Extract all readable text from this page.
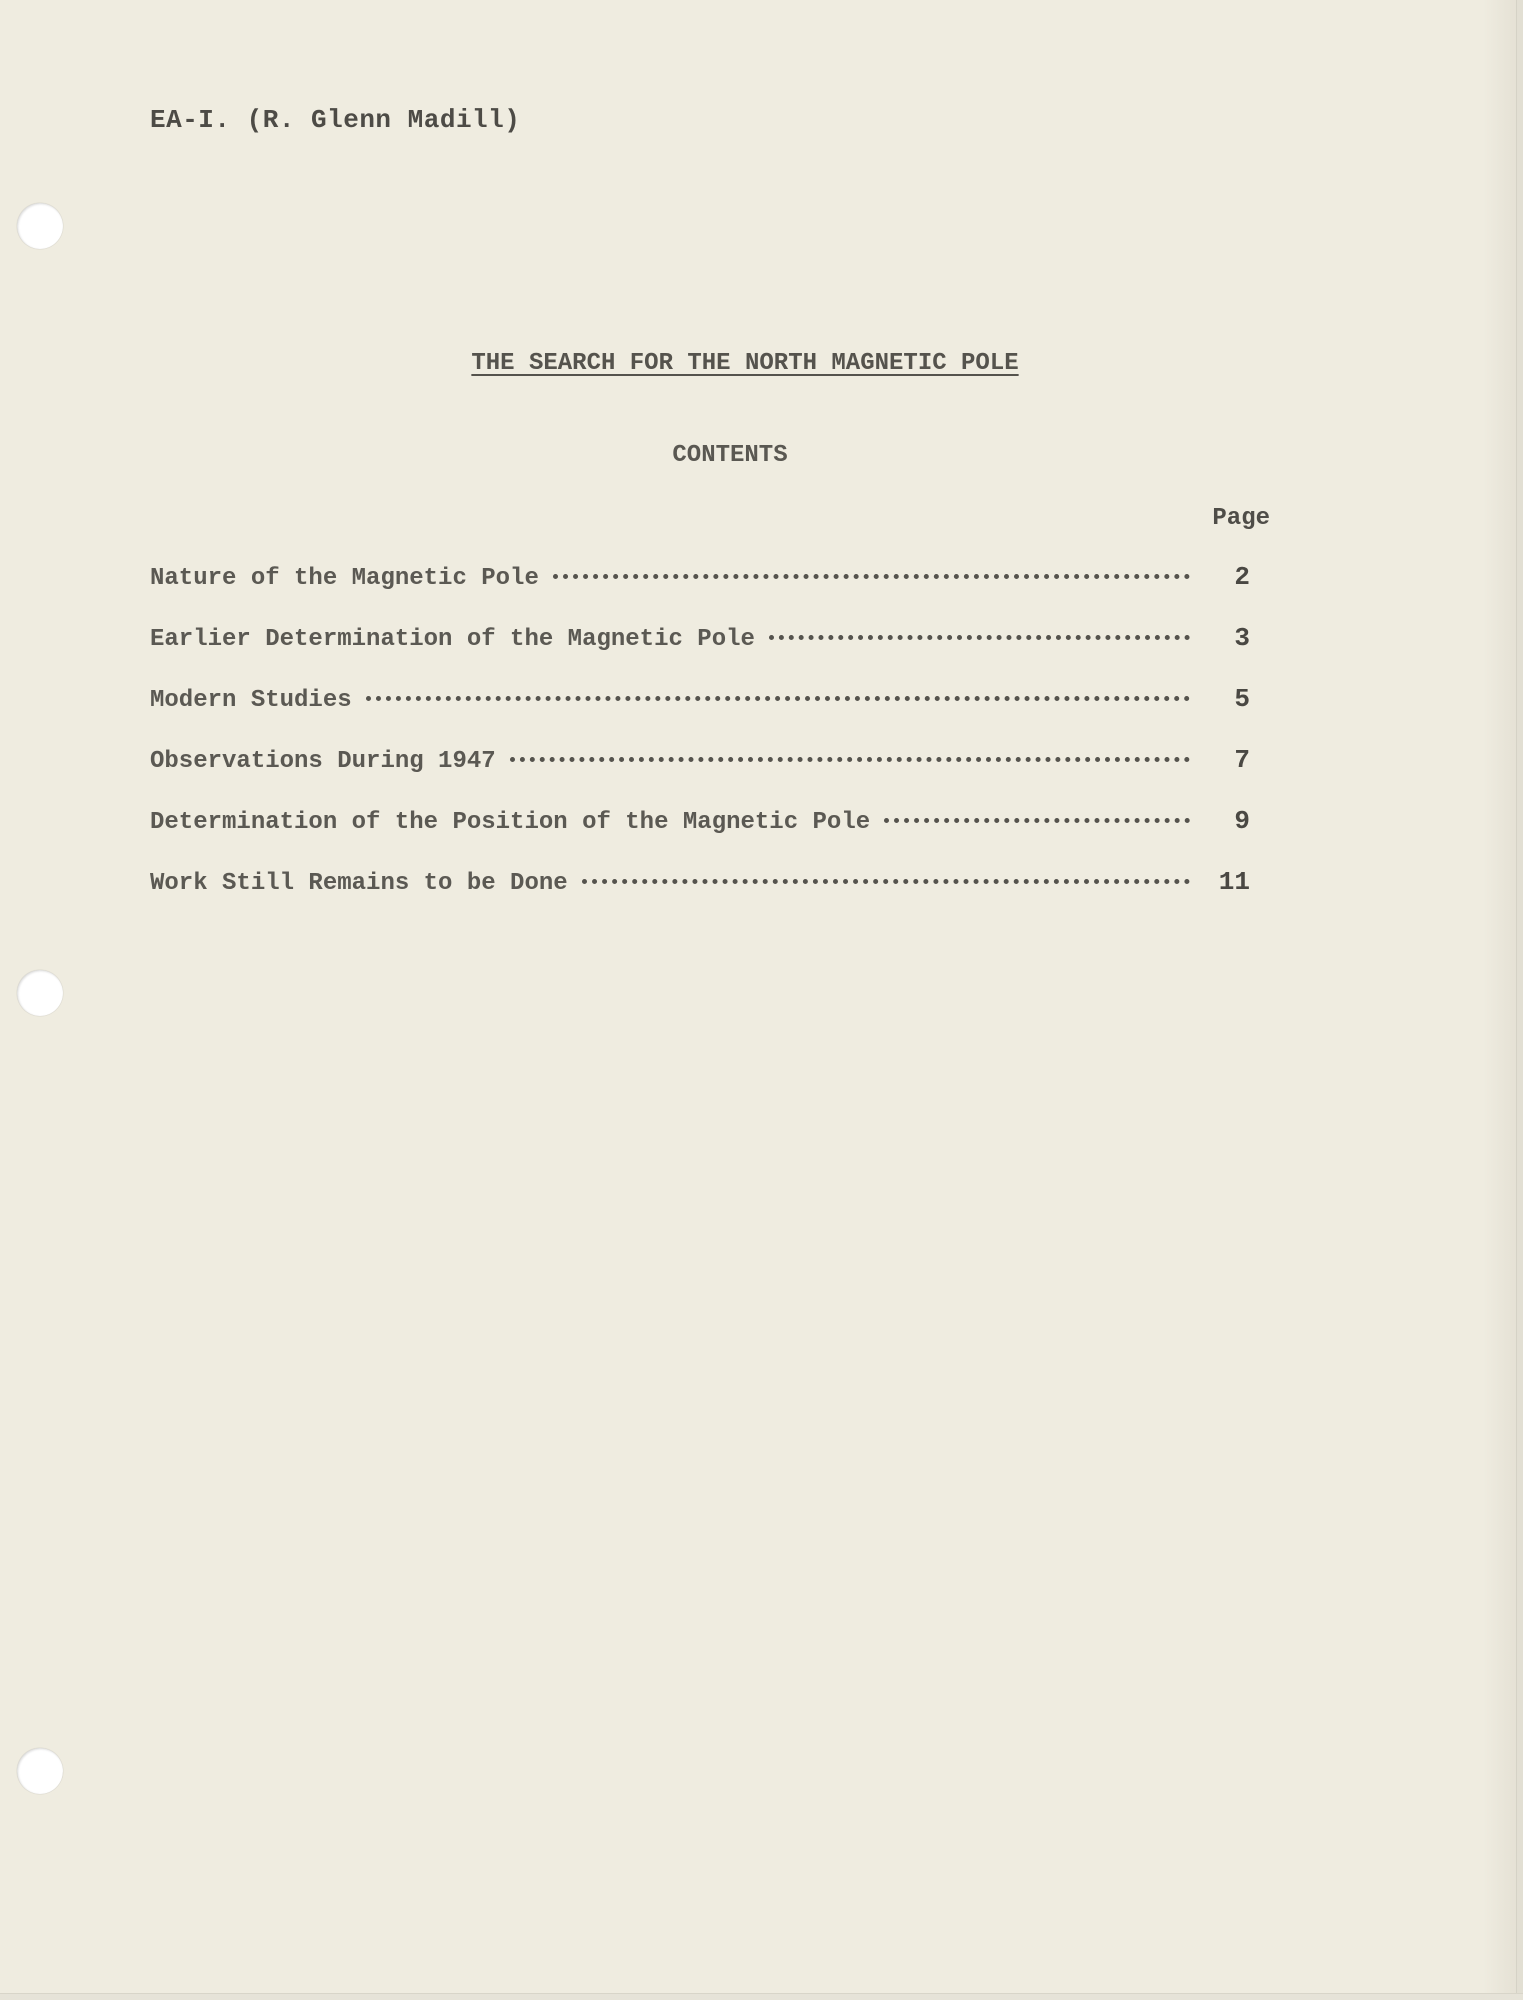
EA-I. (R. Glenn Madill)
THE SEARCH FOR THE NORTH MAGNETIC POLE
CONTENTS
Page
Nature of the Magnetic Pole	2
Earlier Determination of the Magnetic Pole	3
Modern Studies	5
Observations During 1947	7
Determination of the Position of the Magnetic Pole	9
Work Still Remains to be Done	11
